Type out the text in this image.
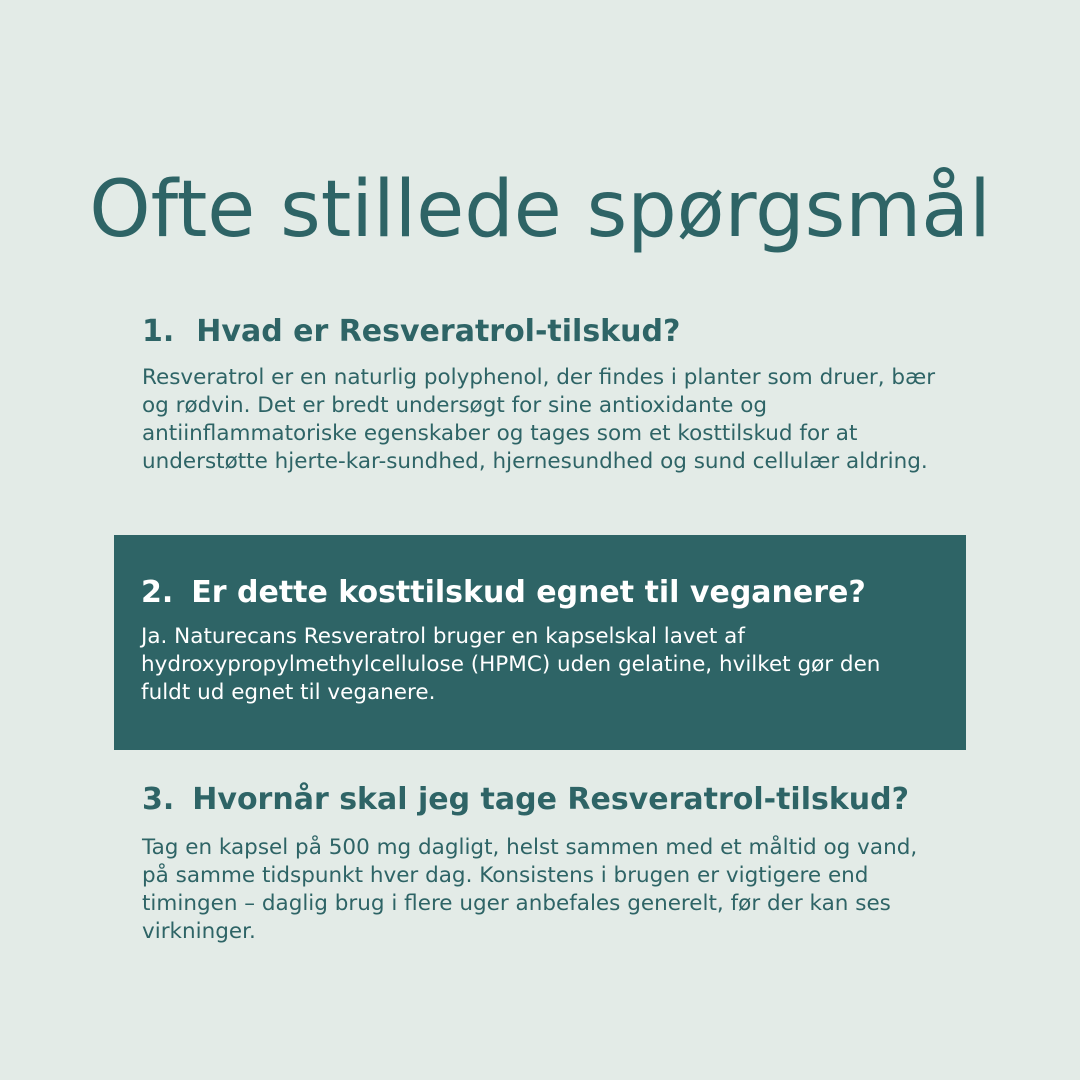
Ofte stillede spørgsmål
1. Hvad er Resveratrol-tilskud?
Resveratrol er en naturlig polyphenol, der findes i planter som druer, bær og rødvin. Det er bredt undersøgt for sine antioxidante og antiinflammatoriske egenskaber og tages som et kosttilskud for at understøtte hjerte-kar-sundhed, hjernesundhed og sund cellulær aldring.
2. Er dette kosttilskud egnet til veganere?
Ja. Naturecans Resveratrol bruger en kapselskal lavet af hydroxypropylmethylcellulose (HPMC) uden gelatine, hvilket gør den fuldt ud egnet til veganere.
3. Hvornår skal jeg tage Resveratrol-tilskud?
Tag en kapsel på 500 mg dagligt, helst sammen med et måltid og vand, på samme tidspunkt hver dag. Konsistens i brugen er vigtigere end timingen – daglig brug i flere uger anbefales generelt, før der kan ses virkninger.
